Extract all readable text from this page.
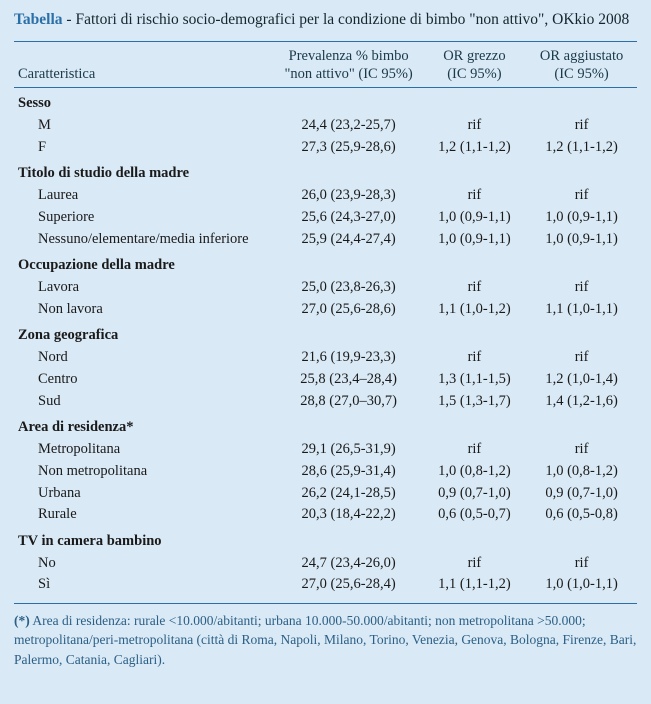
Tabella - Fattori di rischio socio-demografici per la condizione di bimbo "non attivo", OKkio 2008
Caratteristica

Prevalenza % bimbo
"non attivo" (IC 95%)

OR grezzo
(IC 95%)

OR aggiustato
(IC 95%)

Sesso			
M	24,4 (23,2-25,7)	rif	rif
F	27,3 (25,9-28,6)	1,2 (1,1-1,2)	1,2 (1,1-1,2)
Titolo di studio della madre			
Laurea	26,0 (23,9-28,3)	rif	rif
Superiore	25,6 (24,3-27,0)	1,0 (0,9-1,1)	1,0 (0,9-1,1)
Nessuno/elementare/media inferiore	25,9 (24,4-27,4)	1,0 (0,9-1,1)	1,0 (0,9-1,1)
Occupazione della madre			
Lavora	25,0 (23,8-26,3)	rif	rif
Non lavora	27,0 (25,6-28,6)	1,1 (1,0-1,2)	1,1 (1,0-1,1)
Zona geografica			
Nord	21,6 (19,9-23,3)	rif	rif
Centro	25,8 (23,4–28,4)	1,3 (1,1-1,5)	1,2 (1,0-1,4)
Sud	28,8 (27,0–30,7)	1,5 (1,3-1,7)	1,4 (1,2-1,6)
Area di residenza*			
Metropolitana	29,1 (26,5-31,9)	rif	rif
Non metropolitana	28,6 (25,9-31,4)	1,0 (0,8-1,2)	1,0 (0,8-1,2)
Urbana	26,2 (24,1-28,5)	0,9 (0,7-1,0)	0,9 (0,7-1,0)
Rurale	20,3 (18,4-22,2)	0,6 (0,5-0,7)	0,6 (0,5-0,8)
TV in camera bambino			
No	24,7 (23,4-26,0)	rif	rif
Sì	27,0 (25,6-28,4)	1,1 (1,1-1,2)	1,0 (1,0-1,1)
(*) Area di residenza: rurale <10.000/abitanti; urbana 10.000-50.000/abitanti; non metropolitana >50.000; metropolitana/peri-metropolitana (città di Roma, Napoli, Milano, Torino, Venezia, Genova, Bologna, Firenze, Bari, Palermo, Catania, Cagliari).
